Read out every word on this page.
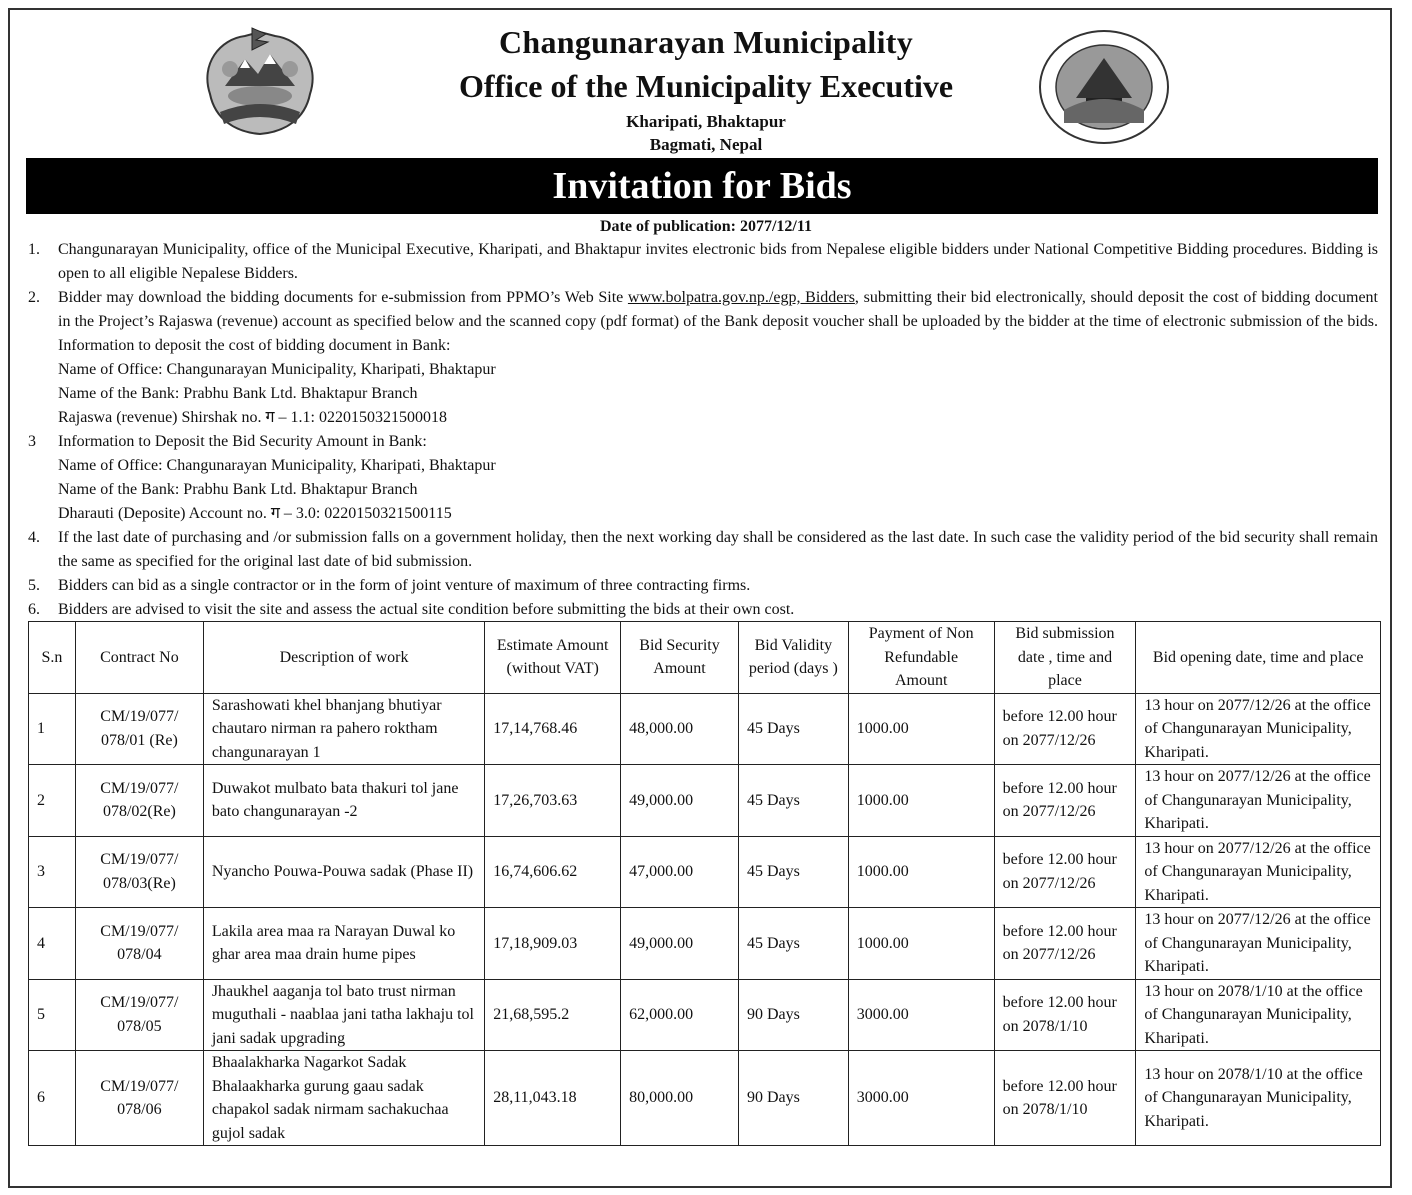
Changunarayan Municipality
Office of the Municipality Executive
Kharipati, Bhaktapur
Bagmati, Nepal
Invitation for Bids
Date of publication: 2077/12/11
1. Changunarayan Municipality, office of the Municipal Executive, Kharipati, and Bhaktapur invites electronic bids from Nepalese eligible bidders under National Competitive Bidding procedures. Bidding is open to all eligible Nepalese Bidders.
2. Bidder may download the bidding documents for e-submission from PPMO’s Web Site www.bolpatra.gov.np./egp, Bidders, submitting their bid electronically, should deposit the cost of bidding document in the Project’s Rajaswa (revenue) account as specified below and the scanned copy (pdf format) of the Bank deposit voucher shall be uploaded by the bidder at the time of electronic submission of the bids. Information to deposit the cost of bidding document in Bank:
Name of Office: Changunarayan Municipality, Kharipati, Bhaktapur
Name of the Bank: Prabhu Bank Ltd. Bhaktapur Branch
Rajaswa (revenue) Shirshak no. ग – 1.1: 0220150321500018
3 Information to Deposit the Bid Security Amount in Bank:
Name of Office: Changunarayan Municipality, Kharipati, Bhaktapur
Name of the Bank: Prabhu Bank Ltd. Bhaktapur Branch
Dharauti (Deposite) Account no. ग – 3.0: 0220150321500115
4. If the last date of purchasing and /or submission falls on a government holiday, then the next working day shall be considered as the last date. In such case the validity period of the bid security shall remain the same as specified for the original last date of bid submission.
5. Bidders can bid as a single contractor or in the form of joint venture of maximum of three contracting firms.
6. Bidders are advised to visit the site and assess the actual site condition before submitting the bids at their own cost.
S.n	Contract No	Description of work	Estimate Amount (without VAT)	Bid Security Amount	Bid Validity period (days )	Payment of Non Refundable Amount	Bid submission date , time and place	Bid opening date, time and place
1	CM/19/077/ 078/01 (Re)	Sarashowati khel bhanjang bhutiyar chautaro nirman ra pahero roktham changunarayan 1	17,14,768.46	48,000.00	45 Days	1000.00	before 12.00 hour on 2077/12/26	13 hour on 2077/12/26 at the office of Changunarayan Municipality, Kharipati.
2	CM/19/077/ 078/02(Re)	Duwakot mulbato bata thakuri tol jane bato changunarayan -2	17,26,703.63	49,000.00	45 Days	1000.00	before 12.00 hour on 2077/12/26	13 hour on 2077/12/26 at the office of Changunarayan Municipality, Kharipati.
3	CM/19/077/ 078/03(Re)	Nyancho Pouwa-Pouwa sadak (Phase II)	16,74,606.62	47,000.00	45 Days	1000.00	before 12.00 hour on 2077/12/26	13 hour on 2077/12/26 at the office of Changunarayan Municipality, Kharipati.
4	CM/19/077/ 078/04	Lakila area maa ra Narayan Duwal ko ghar area maa drain hume pipes	17,18,909.03	49,000.00	45 Days	1000.00	before 12.00 hour on 2077/12/26	13 hour on 2077/12/26 at the office of Changunarayan Municipality, Kharipati.
5	CM/19/077/ 078/05	Jhaukhel aaganja tol bato trust nirman muguthali - naablaa jani tatha lakhaju tol jani sadak upgrading	21,68,595.2	62,000.00	90 Days	3000.00	before 12.00 hour on 2078/1/10	13 hour on 2078/1/10 at the office of Changunarayan Municipality, Kharipati.
6	CM/19/077/ 078/06	Bhaalakharka Nagarkot Sadak Bhalaakharka gurung gaau sadak chapakol sadak nirmam sachakuchaa gujol sadak	28,11,043.18	80,000.00	90 Days	3000.00	before 12.00 hour on 2078/1/10	13 hour on 2078/1/10 at the office of Changunarayan Municipality, Kharipati.
